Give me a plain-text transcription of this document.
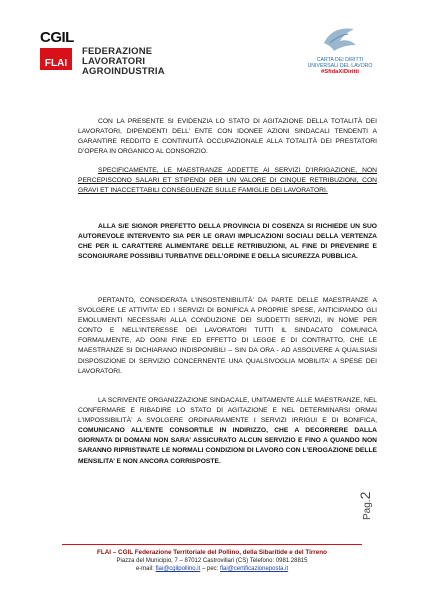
CGIL
FLAI
FEDERAZIONE
LAVORATORI
AGROINDUSTRIA
CARTA DEI DIRITTI
UNIVERSALI DEL LAVORO
#SfidaXiDiritti
CON LA PRESENTE SI EVIDENZIA LO STATO DI AGITAZIONE DELLA TOTALITÀ DEI LAVORATORI, DIPENDENTI DELL’ ENTE CON IDONEE AZIONI SINDACALI TENDENTI A GARANTIRE REDDITO E CONTINUITÀ OCCUPAZIONALE ALLA TOTALITÀ DEI PRESTATORI D’OPERA IN ORGANICO AL CONSORZIO.
SPECIFICAMENTE, LE MAESTRANZE ADDETTE AI SERVIZI D’IRRIGAZIONE, NON PERCEPISCONO SALARI ET STIPENDI PER UN VALORE DI CINQUE RETRIBUZIONI, CON GRAVI ET INACCETTABILI CONSEGUENZE SULLE FAMIGLIE DEI LAVORATORI.
ALLA S/E SIGNOR PREFETTO DELLA PROVINCIA DI COSENZA SI RICHIEDE UN SUO AUTOREVOLE INTERVENTO SIA PER LE GRAVI IMPLICAZIONI SOCIALI DELLA VERTENZA CHE PER IL CARATTERE ALIMENTARE DELLE RETRIBUZIONI, AL FINE DI PREVENIRE E SCONGIURARE POSSIBILI TURBATIVE DELL’ORDINE E DELLA SICUREZZA PUBBLICA.
PERTANTO, CONSIDERATA L’INSOSTENIBILITÀ’ DA PARTE DELLE MAESTRANZE A SVOLGERE LE ATTIVITA’ ED I SERVIZI DI BONIFICA A PROPRIE SPESE, ANTICIPANDO GLI EMOLUMENTI NECESSARI ALLA CONDUZIONE DEI SUDDETTI SERVIZI, IN NOME PER CONTO E NELL’INTERESSE DEI LAVORATORI TUTTI IL SINDACATO COMUNICA FORMALMENTE, AD OGNI FINE ED EFFETTO DI LEGGE E DI CONTRATTO, CHE LE MAESTRANZE SI DICHIARANO INDISPONIBILI – SIN DA ORA - AD ASSOLVERE A QUALSIASI DISPOSIZIONE DI SERVIZIO CONCERNENTE UNA QUALSIVOGLIA MOBILITA’ A SPESE DEI LAVORATORI.
LA SCRIVENTE ORGANIZZAZIONE SINDACALE, UNITAMENTE ALLE MAESTRANZE, NEL CONFERMARE E RIBADIRE LO STATO DI AGITAZIONE E NEL DETERMINARSI ORMAI L’IMPOSSIBILITÀ’ A SVOLGERE ORDINARIAMENTE I SERVIZI IRRIGUI E DI BONIFICA, COMUNICANO ALL’ENTE CONSORTILE IN INDIRIZZO, CHE A DECORRERE DALLA GIORNATA DI DOMANI NON SARA’ ASSICURATO ALCUN SERVIZIO E FINO A QUANDO NON SARANNO RIPRISTINATE LE NORMALI CONDIZIONI DI LAVORO CON L’EROGAZIONE DELLE MENSILITA’ E NON ANCORA CORRISPOSTE.
Pag.2
FLAI – CGIL Federazione Territoriale del Pollino, della Sibaritide e del Tirreno
Piazza del Municipio, 7 – 87012 Castrovillari (CS) Telefono: 0981.28815
e-mail: flai@cgilpollino.it – pec: flai@certificazioneposta.it
